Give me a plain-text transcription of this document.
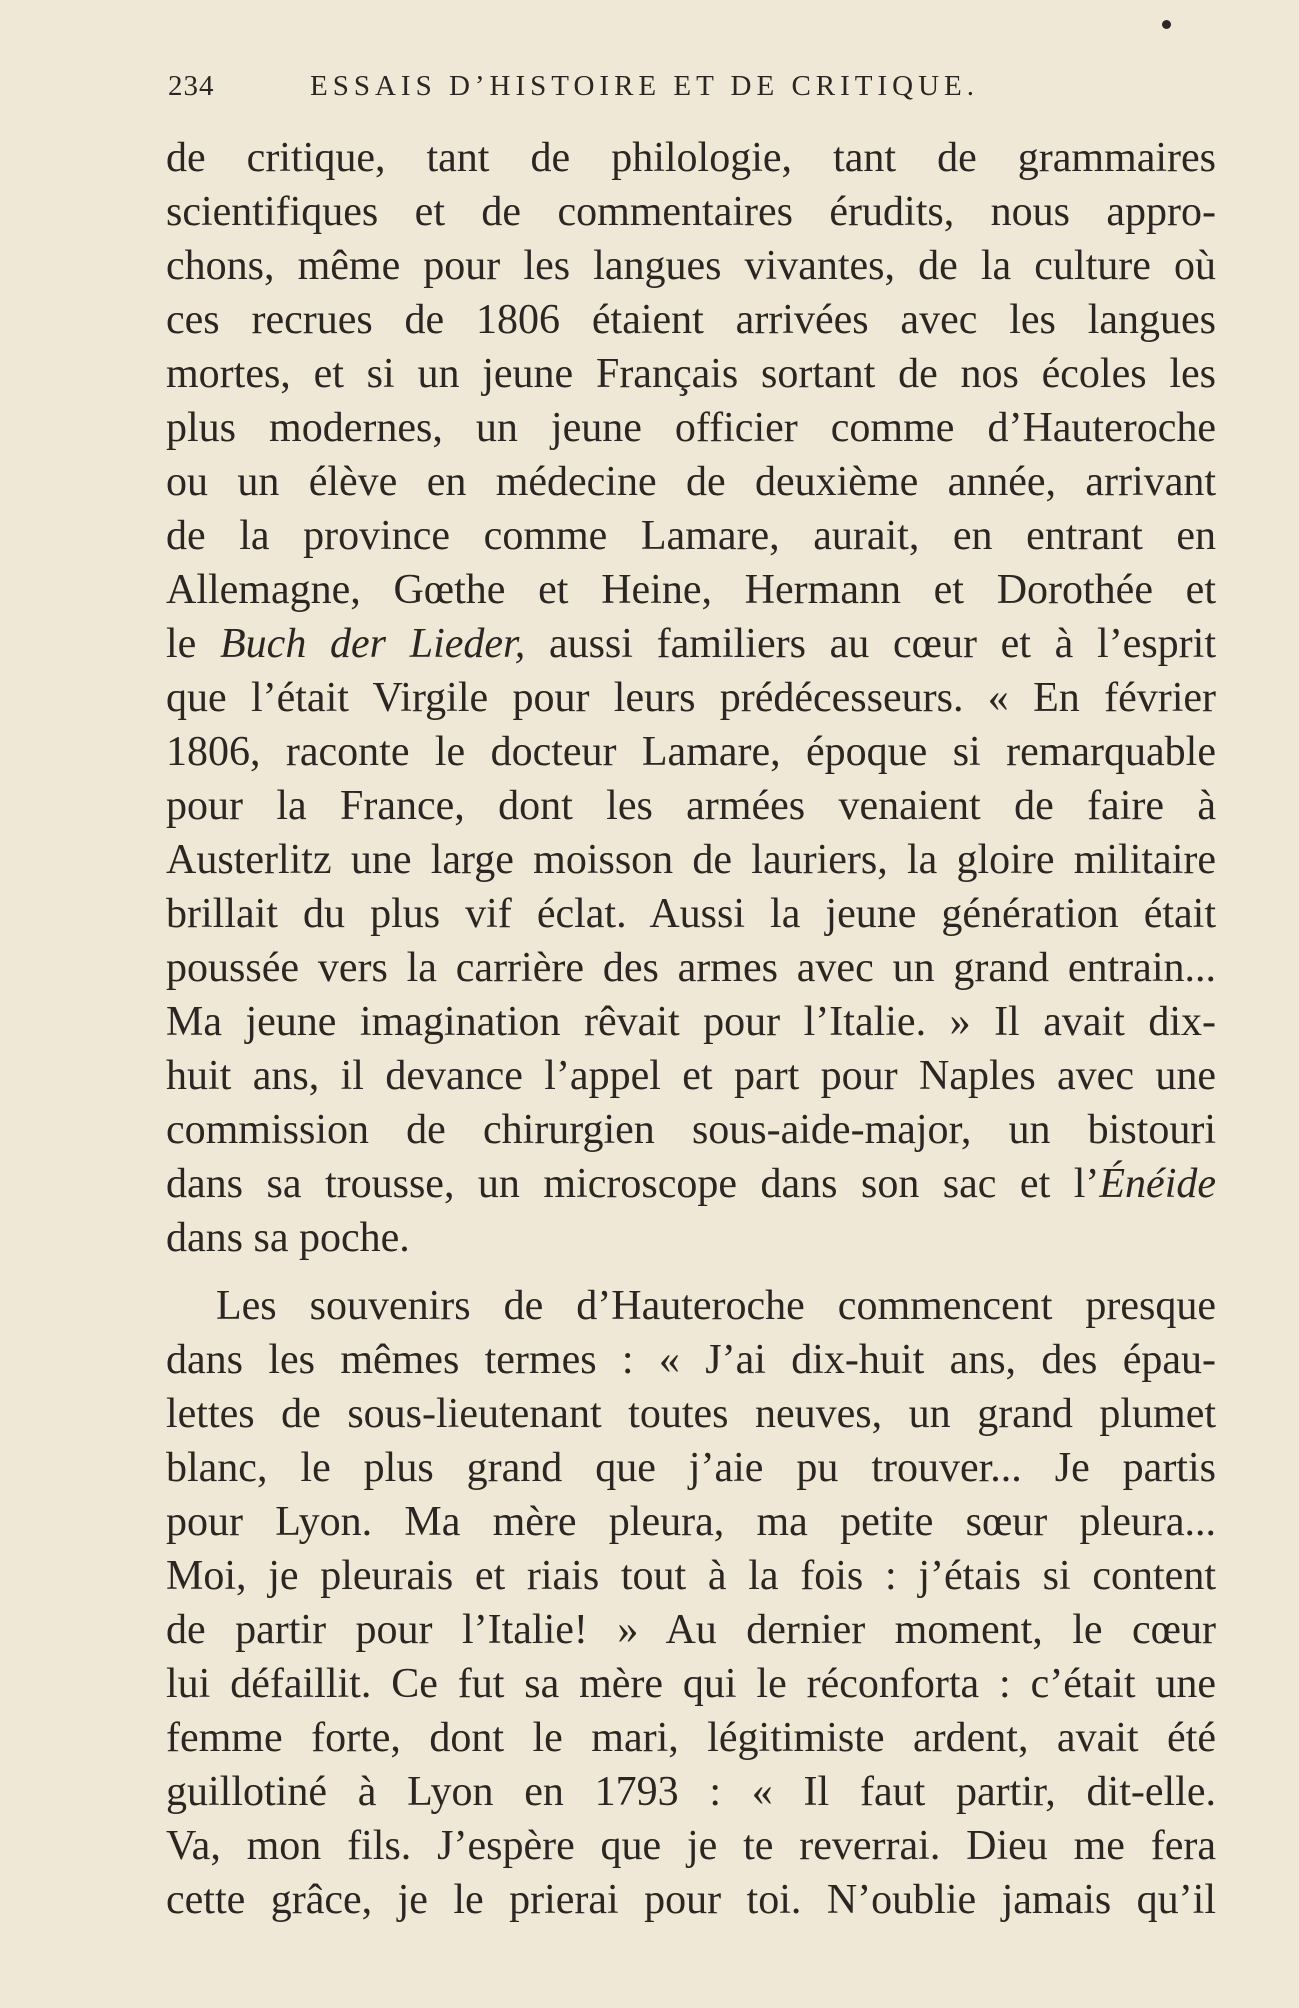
234	ESSAIS D’HISTOIRE ET DE CRITIQUE.
de critique, tant de philologie, tant de grammaires
scientifiques et de commentaires érudits, nous appro-
chons, même pour les langues vivantes, de la culture où
ces recrues de 1806 étaient arrivées avec les langues
mortes, et si un jeune Français sortant de nos écoles les
plus modernes, un jeune officier comme d’Hauteroche
ou un élève en médecine de deuxième année, arrivant
de la province comme Lamare, aurait, en entrant en
Allemagne, Gœthe et Heine, Hermann et Dorothée et
le Buch der Lieder, aussi familiers au cœur et à l’esprit
que l’était Virgile pour leurs prédécesseurs. « En février
1806, raconte le docteur Lamare, époque si remarquable
pour la France, dont les armées venaient de faire à
Austerlitz une large moisson de lauriers, la gloire militaire
brillait du plus vif éclat. Aussi la jeune génération était
poussée vers la carrière des armes avec un grand entrain...
Ma jeune imagination rêvait pour l’Italie. » Il avait dix-
huit ans, il devance l’appel et part pour Naples avec une
commission de chirurgien sous-aide-major, un bistouri
dans sa trousse, un microscope dans son sac et l’Énéide
dans sa poche.
Les souvenirs de d’Hauteroche commencent presque
dans les mêmes termes : « J’ai dix-huit ans, des épau-
lettes de sous-lieutenant toutes neuves, un grand plumet
blanc, le plus grand que j’aie pu trouver... Je partis
pour Lyon. Ma mère pleura, ma petite sœur pleura...
Moi, je pleurais et riais tout à la fois : j’étais si content
de partir pour l’Italie! » Au dernier moment, le cœur
lui défaillit. Ce fut sa mère qui le réconforta : c’était une
femme forte, dont le mari, légitimiste ardent, avait été
guillotiné à Lyon en 1793 : « Il faut partir, dit-elle.
Va, mon fils. J’espère que je te reverrai. Dieu me fera
cette grâce, je le prierai pour toi. N’oublie jamais qu’il
